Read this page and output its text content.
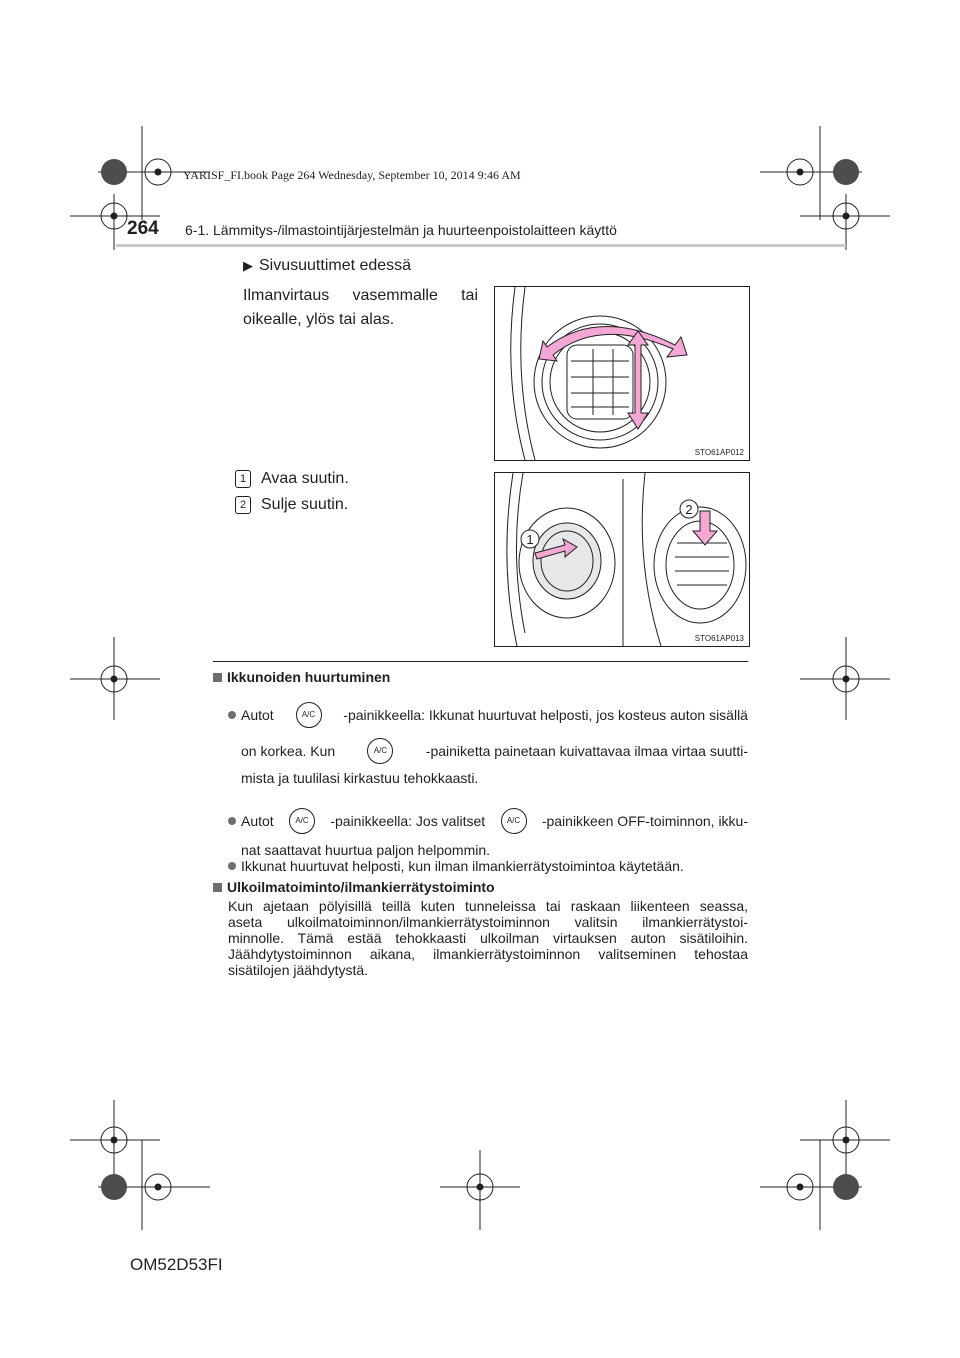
YARISF_FI.book Page 264 Wednesday, September 10, 2014 9:46 AM
264 6-1. Lämmitys-/ilmastointijärjestelmän ja huurteenpoistolaitteen käyttö
▶ Sivusuuttimet edessä
Ilmanvirtaus vasemmalle tai oikealle, ylös tai alas.
STO61AP012
1 Avaa suutin.
2 Sulje suutin.
1
2
STO61AP013
Ikkunoiden huurtuminen
Autot	A/C	-painikkeella: Ikkunat huurtuvat helposti, jos kosteus auton sisällä
on korkea. Kun	A/C	-painiketta painetaan kuivattavaa ilmaa virtaa suutti-
mista ja tuulilasi kirkastuu tehokkaasti.
Autot	A/C	-painikkeella: Jos valitset	A/C	-painikkeen OFF-toiminnon, ikku-
nat saattavat huurtua paljon helpommin.
Ikkunat huurtuvat helposti, kun ilman ilmankierrätystoimintoa käytetään.
Ulkoilmatoiminto/ilmankierrätystoiminto
Kun ajetaan pölyisillä teillä kuten tunneleissa tai raskaan liikenteen seassa,
aseta ulkoilmatoiminnon/ilmankierrätystoiminnon valitsin ilmankierrätystoi-
minnolle. Tämä estää tehokkaasti ulkoilman virtauksen auton sisätiloihin.
Jäähdytystoiminnon aikana, ilmankierrätystoiminnon valitseminen tehostaa
sisätilojen jäähdytystä.
OM52D53FI
